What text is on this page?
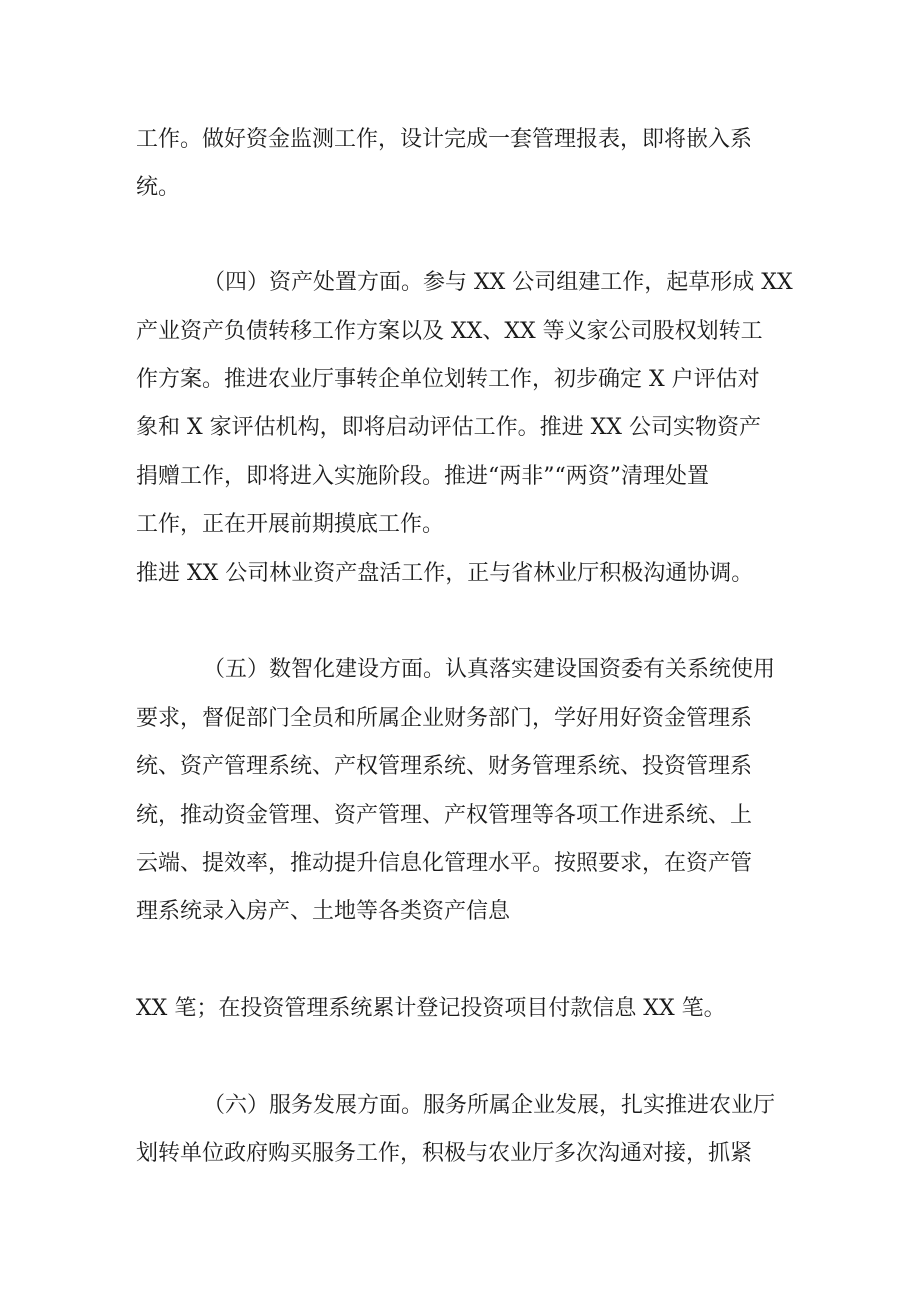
工作。做好资金监测工作，设计完成一套管理报表，即将嵌入系

统。

（四）资产处置方面。参与 XX 公司组建工作，起草形成 XX

产业资产负债转移工作方案以及 XX、XX 等义家公司股权划转工

作方案。推进农业厅事转企单位划转工作，初步确定 X 户评估对

象和 X 家评估机构，即将启动评估工作。推进 XX 公司实物资产

捐赠工作，即将进入实施阶段。推进“两非”“两资”清理处置

工作，正在开展前期摸底工作。

推进 XX 公司林业资产盘活工作，正与省林业厅积极沟通协调。

（五）数智化建设方面。认真落实建设国资委有关系统使用

要求，督促部门全员和所属企业财务部门，学好用好资金管理系

统、资产管理系统、产权管理系统、财务管理系统、投资管理系

统，推动资金管理、资产管理、产权管理等各项工作进系统、上

云端、提效率，推动提升信息化管理水平。按照要求，在资产管

理系统录入房产、土地等各类资产信息

XX 笔；在投资管理系统累计登记投资项目付款信息 XX 笔。

（六）服务发展方面。服务所属企业发展，扎实推进农业厅

划转单位政府购买服务工作，积极与农业厅多次沟通对接，抓紧
